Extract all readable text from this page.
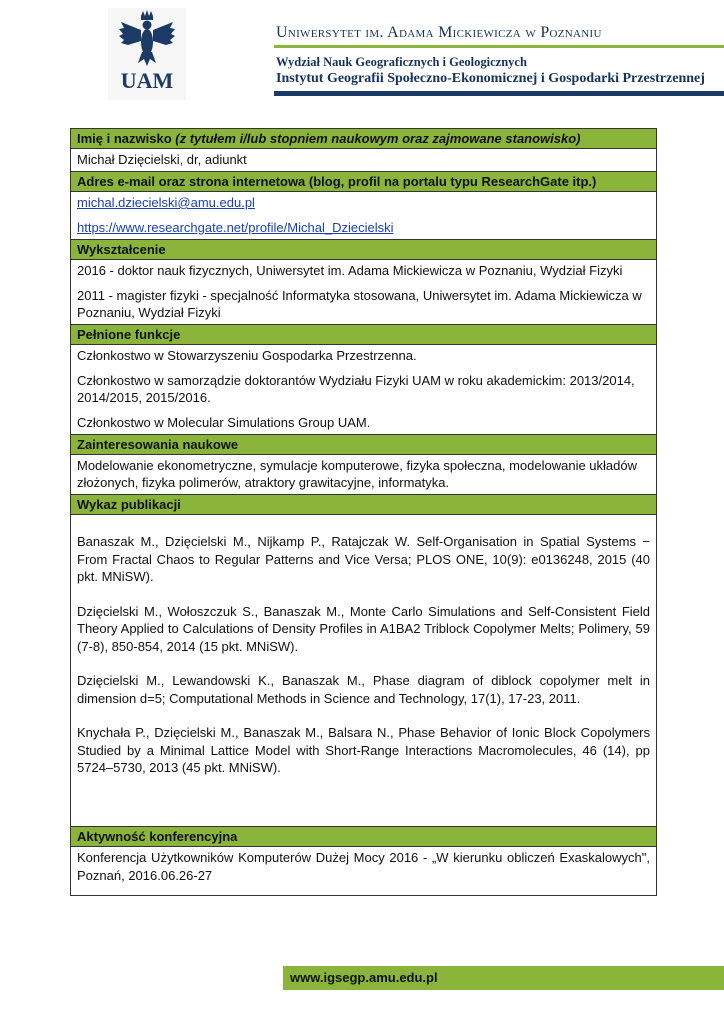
UAM
Uniwersytet im. Adama Mickiewicza w Poznaniu
Wydział Nauk Geograficznych i Geologicznych
Instytut Geografii Społeczno-Ekonomicznej i Gospodarki Przestrzennej
Imię i nazwisko (z tytułem i/lub stopniem naukowym oraz zajmowane stanowisko)

Michał Dzięcielski, dr, adiunkt

Adres e-mail oraz strona internetowa (blog, profil na portalu typu ResearchGate itp.)

michal.dziecielski@amu.edu.pl

https://www.researchgate.net/profile/Michal_Dziecielski

Wykształcenie

2016 - doktor nauk fizycznych, Uniwersytet im. Adama Mickiewicza w Poznaniu, Wydział Fizyki

2011 - magister fizyki - specjalność Informatyka stosowana, Uniwersytet im. Adama Mickiewicza w

Poznaniu, Wydział Fizyki

Pełnione funkcje

Członkostwo w Stowarzyszeniu Gospodarka Przestrzenna.

Członkostwo w samorządzie doktorantów Wydziału Fizyki UAM w roku akademickim: 2013/2014,

2014/2015, 2015/2016.

Członkostwo w Molecular Simulations Group UAM.

Zainteresowania naukowe

Modelowanie ekonometryczne, symulacje komputerowe, fizyka społeczna, modelowanie układów

złożonych, fizyka polimerów, atraktory grawitacyjne, informatyka.

Wykaz publikacji

Banaszak M., Dzięcielski M., Nijkamp P., Ratajczak W. Self-Organisation in Spatial Systems − From Fractal Chaos to Regular Patterns and Vice Versa; PLOS ONE, 10(9): e0136248, 2015 (40 pkt. MNiSW).

Dzięcielski M., Wołoszczuk S., Banaszak M., Monte Carlo Simulations and Self-Consistent Field Theory Applied to Calculations of Density Profiles in A1BA2 Triblock Copolymer Melts; Polimery, 59 (7-8), 850-854, 2014 (15 pkt. MNiSW).

Dzięcielski M., Lewandowski K., Banaszak M., Phase diagram of diblock copolymer melt in dimension d=5; Computational Methods in Science and Technology, 17(1), 17-23, 2011.

Knychała P., Dzięcielski M., Banaszak M., Balsara N., Phase Behavior of Ionic Block Copolymers Studied by a Minimal Lattice Model with Short-Range Interactions Macromolecules, 46 (14), pp 5724–5730, 2013 (45 pkt. MNiSW).

Aktywność konferencyjna

Konferencja Użytkowników Komputerów Dużej Mocy 2016 - „W kierunku obliczeń Exaskalowych", Poznań, 2016.06.26-27

www.igsegp.amu.edu.pl
